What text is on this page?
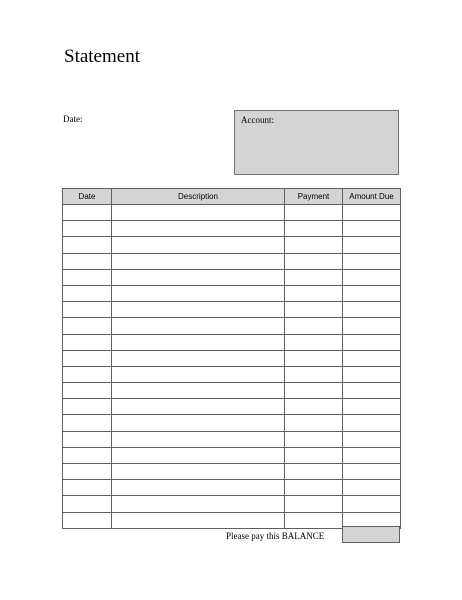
Statement
Date:	Account:
Date	Description	Payment	Amount Due

Please pay this BALANCE
